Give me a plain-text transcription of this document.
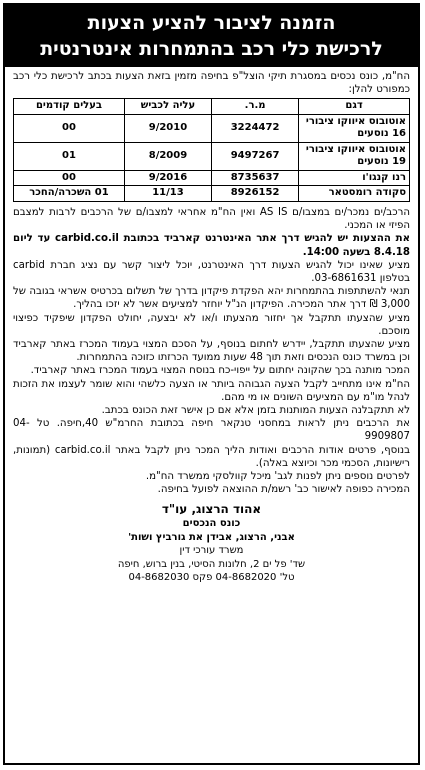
הזמנה לציבור להציע הצעות
לרכישת כלי רכב בהתמחרות אינטרנטית

הח"מ, כונס נכסים במסגרת תיקי הוצל"פ בחיפה מזמין בזאת הצעות בכתב לרכישת כלי רכב כמפורט להלן:

דגם	מ.ר.	עליה לכביש	בעלים קודמים
אוטובוס איווקו ציבורי 16 נוסעים	3224472	9/2010	00
אוטובוס איווקו ציבורי 19 נוסעים	9497267	8/2009	01
רנו קנגו'ו	8735637	9/2016	00
סקודה רומסטאר	8926152	11/13	01 השכרה/החכר

הרכב/ים נמכר/ים במצבו/ם AS IS ואין הח"מ אחראי למצבו/ם של הרכבים לרבות למצבם הפיזי או המכני.

את ההצעות יש להגיש דרך אתר האינטרנט קארביד בכתובת carbid.co.il עד ליום 8.4.18 בשעה 14:00.

מציע שאינו יכול להגיש הצעות דרך האינטרנט, יוכל ליצור קשר עם נציג חברת carbid בטלפון 03-6861631.

תנאי להשתתפות בהתמחרות יהא הפקדת פיקדון בדרך של תשלום בכרטיס אשראי בגובה של 3,000 ₪ דרך אתר המכירה. הפיקדון הנ"ל יוחזר למציעים אשר לא יזכו בהליך.

מציע שהצעתו תתקבל אך יחזור מהצעתו ו/או לא יבצעה, יחולט הפקדון שיפקיד כפיצוי מוסכם.

מציע שהצעתו תתקבל, יידרש לחתום בנוסף, על הסכם המצוי בעמוד המכרז באתר קארביד וכן במשרד כונס הנכסים וזאת תוך 48 שעות ממועד הכרזתו כזוכה בהתמחרות.

המכר מותנה בכך שהקונה יחתום על ייפוי-כח בנוסח המצוי בעמוד המכרז באתר קארביד.

הח"מ אינו מתחייב לקבל הצעה הגבוהה ביותר או הצעה כלשהי והוא שומר לעצמו את הזכות לנהל מו"מ עם המציעים השונים או מי מהם.

לא תתקבלנה הצעות המותנות בזמן אלא אם כן אישר זאת הכונס בכתב.

את הרכבים ניתן לראות במחסני טנקאר חיפה בכתובת החרמ"ש 40,חיפה. טל 04-9909807

בנוסף, פרטים אודות הרכבים ואודות הליך המכר ניתן לקבל באתר carbid.co.il (תמונות, רישיונות, הסכמי מכר וכיוצא באלה).

לפרטים נוספים ניתן לפנות לגב' מיכל קוולסקי ממשרד הח"מ.

המכירה כפופה לאישור כב' רשמ/ת ההוצאה לפועל בחיפה.

אהוד הרצוג, עו"ד
כונס הנכסים
אבני, הרצוג, אבידן את גורביץ ושות'
משרד עורכי דין
שד' פל ים 2, חלונות הסיטי, בנין ברוש, חיפה
טל' 04-8682020 פקס 04-8682030
